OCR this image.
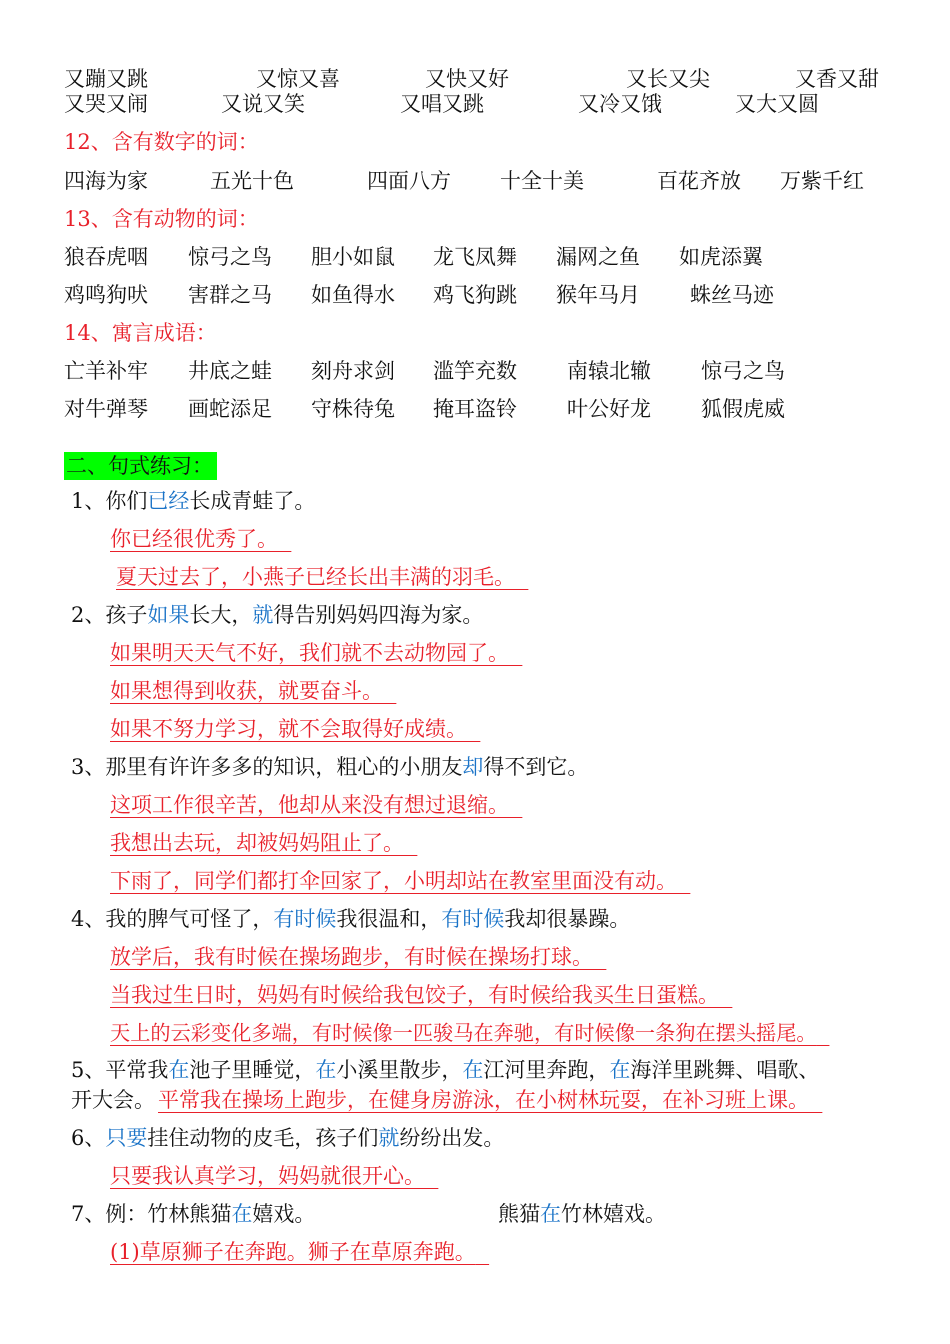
又蹦又跳	又惊又喜	又快又好	又长又尖	又香又甜
又哭又闹	又说又笑	又唱又跳	又冷又饿	又大又圆
12、含有数字的词：
四海为家	五光十色	四面八方 十全十美	百花齐放 万紫千红
13、含有动物的词：
狼吞虎咽 惊弓之鸟 胆小如鼠 龙飞凤舞 漏网之鱼 如虎添翼
鸡鸣狗吠 害群之马 如鱼得水 鸡飞狗跳 猴年马月 蛛丝马迹
14、寓言成语：
亡羊补牢 井底之蛙 刻舟求剑 滥竽充数 南辕北辙 惊弓之鸟
对牛弹琴 画蛇添足 守株待兔 掩耳盗铃 叶公好龙 狐假虎威
二、句式练习：
1、你们已经长成青蛙了。
你已经很优秀了。
夏天过去了，小燕子已经长出丰满的羽毛。
2、孩子如果长大，就得告别妈妈四海为家。
如果明天天气不好，我们就不去动物园了。
如果想得到收获，就要奋斗。
如果不努力学习，就不会取得好成绩。
3、那里有许许多多的知识，粗心的小朋友却得不到它。
这项工作很辛苦，他却从来没有想过退缩。
我想出去玩，却被妈妈阻止了。
下雨了，同学们都打伞回家了，小明却站在教室里面没有动。
4、我的脾气可怪了，有时候我很温和，有时候我却很暴躁。
放学后，我有时候在操场跑步，有时候在操场打球。
当我过生日时，妈妈有时候给我包饺子，有时候给我买生日蛋糕。
天上的云彩变化多端，有时候像一匹骏马在奔驰，有时候像一条狗在摆头摇尾。
5、平常我在池子里睡觉，在小溪里散步，在江河里奔跑，在海洋里跳舞、唱歌、
开大会。 平常我在操场上跑步，在健身房游泳，在小树林玩耍，在补习班上课。
6、只要挂住动物的皮毛，孩子们就纷纷出发。
只要我认真学习，妈妈就很开心。
7、例：竹林熊猫在嬉戏。	熊猫在竹林嬉戏。
(1)草原狮子在奔跑。狮子在草原奔跑。
